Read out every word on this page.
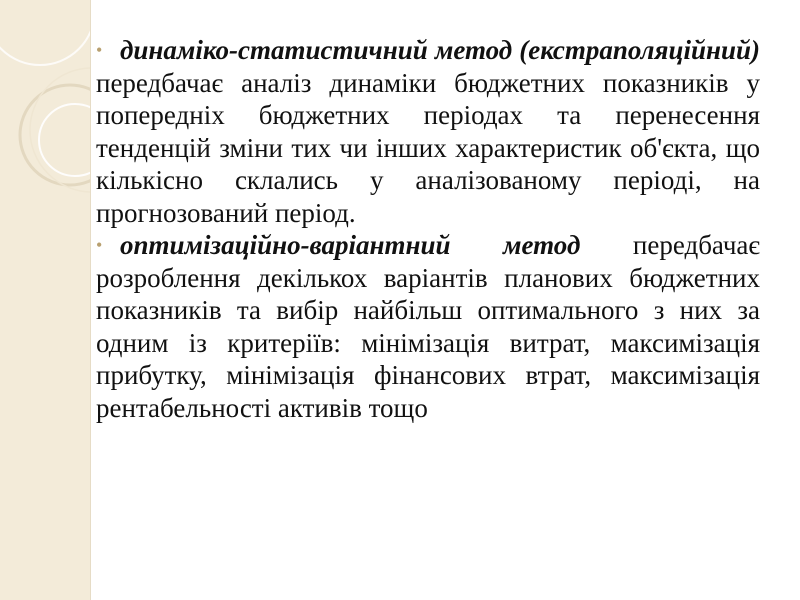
• динаміко-статистичний метод (екстраполяційний) передбачає аналіз динаміки бюджетних показників у попередніх бюджетних періодах та перенесення тенденцій зміни тих чи інших характеристик об'єкта, що кількісно склались у аналізованому періоді, на прогнозований період.
• оптимізаційно-варіантний метод передбачає розроблення декількох варіантів планових бюджетних показників та вибір найбільш оптимального з них за одним із критеріїв: мінімізація витрат, максимізація прибутку, мінімізація фінансових втрат, максимізація рентабельності активів тощо
